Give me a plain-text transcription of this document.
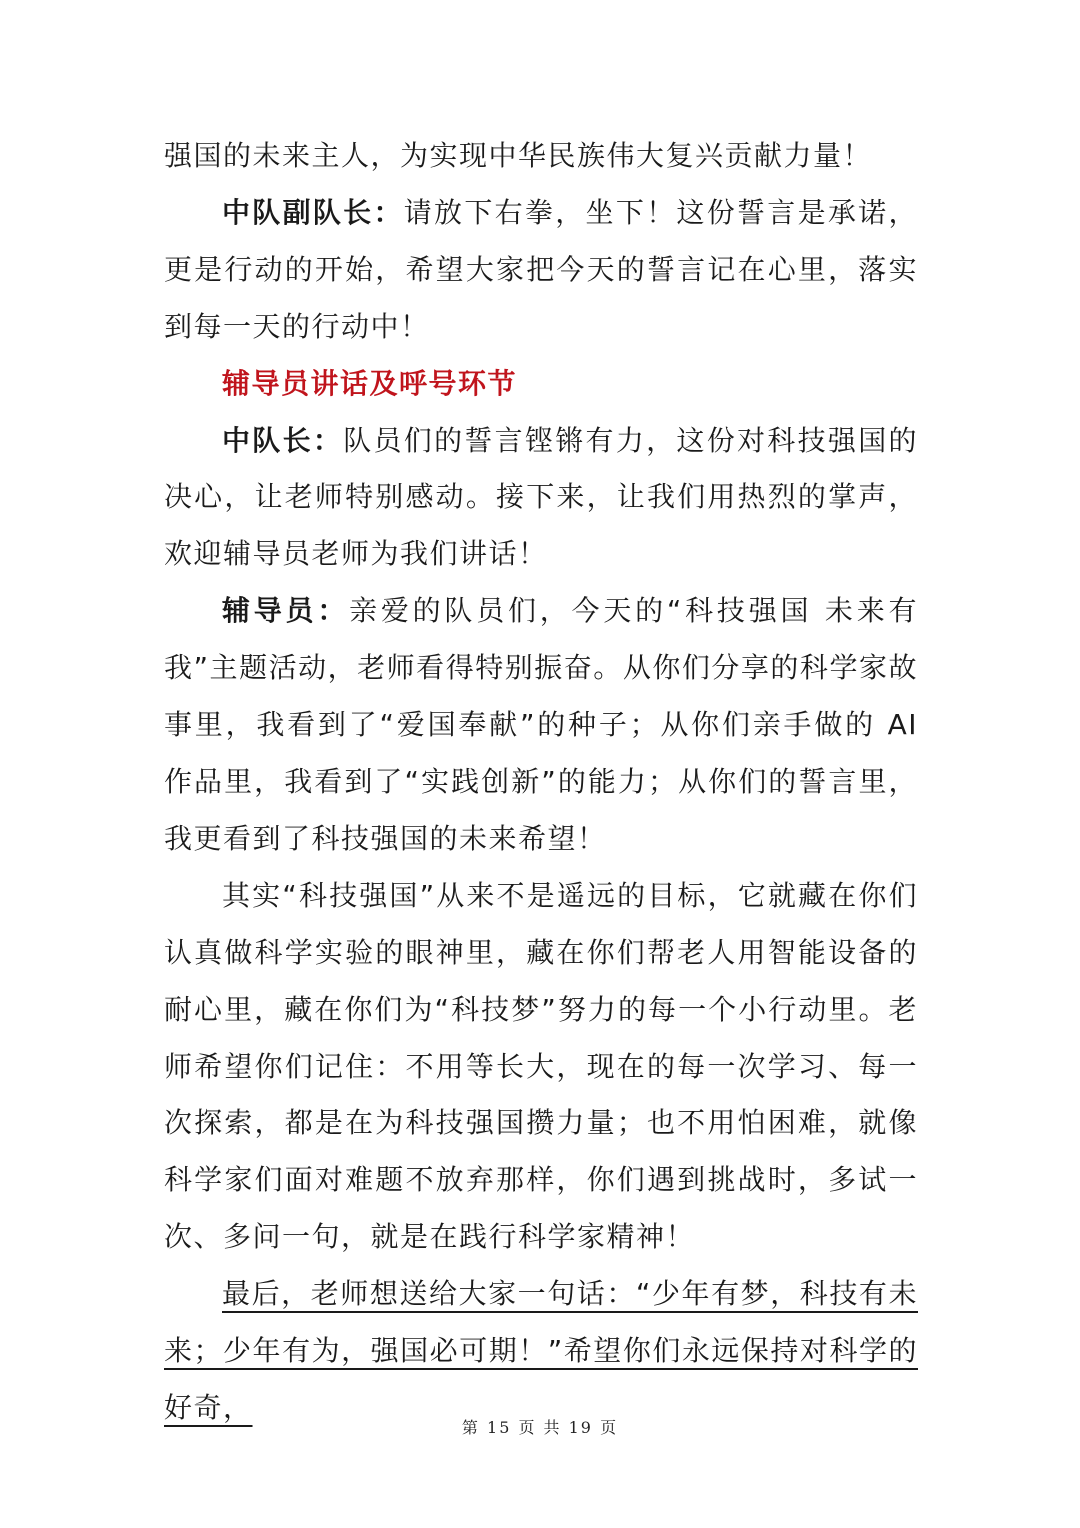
强国的未来主人，为实现中华民族伟大复兴贡献力量！

中队副队长：请放下右拳，坐下！这份誓言是承诺，更是行动的开始，希望大家把今天的誓言记在心里，落实到每一天的行动中！

辅导员讲话及呼号环节

中队长：队员们的誓言铿锵有力，这份对科技强国的决心，让老师特别感动。接下来，让我们用热烈的掌声，欢迎辅导员老师为我们讲话！

辅导员：亲爱的队员们，今天的“科技强国 未来有我”主题活动，老师看得特别振奋。从你们分享的科学家故事里，我看到了“爱国奉献”的种子；从你们亲手做的 AI 作品里，我看到了“实践创新”的能力；从你们的誓言里，我更看到了科技强国的未来希望！

其实“科技强国”从来不是遥远的目标，它就藏在你们认真做科学实验的眼神里，藏在你们帮老人用智能设备的耐心里，藏在你们为“科技梦”努力的每一个小行动里。老师希望你们记住：不用等长大，现在的每一次学习、每一次探索，都是在为科技强国攒力量；也不用怕困难，就像科学家们面对难题不放弃那样，你们遇到挑战时，多试一次、多问一句，就是在践行科学家精神！

最后，老师想送给大家一句话：“少年有梦，科技有未来；少年有为，强国必可期！”希望你们永远保持对科学的好奇，

第 15 页 共 19 页
